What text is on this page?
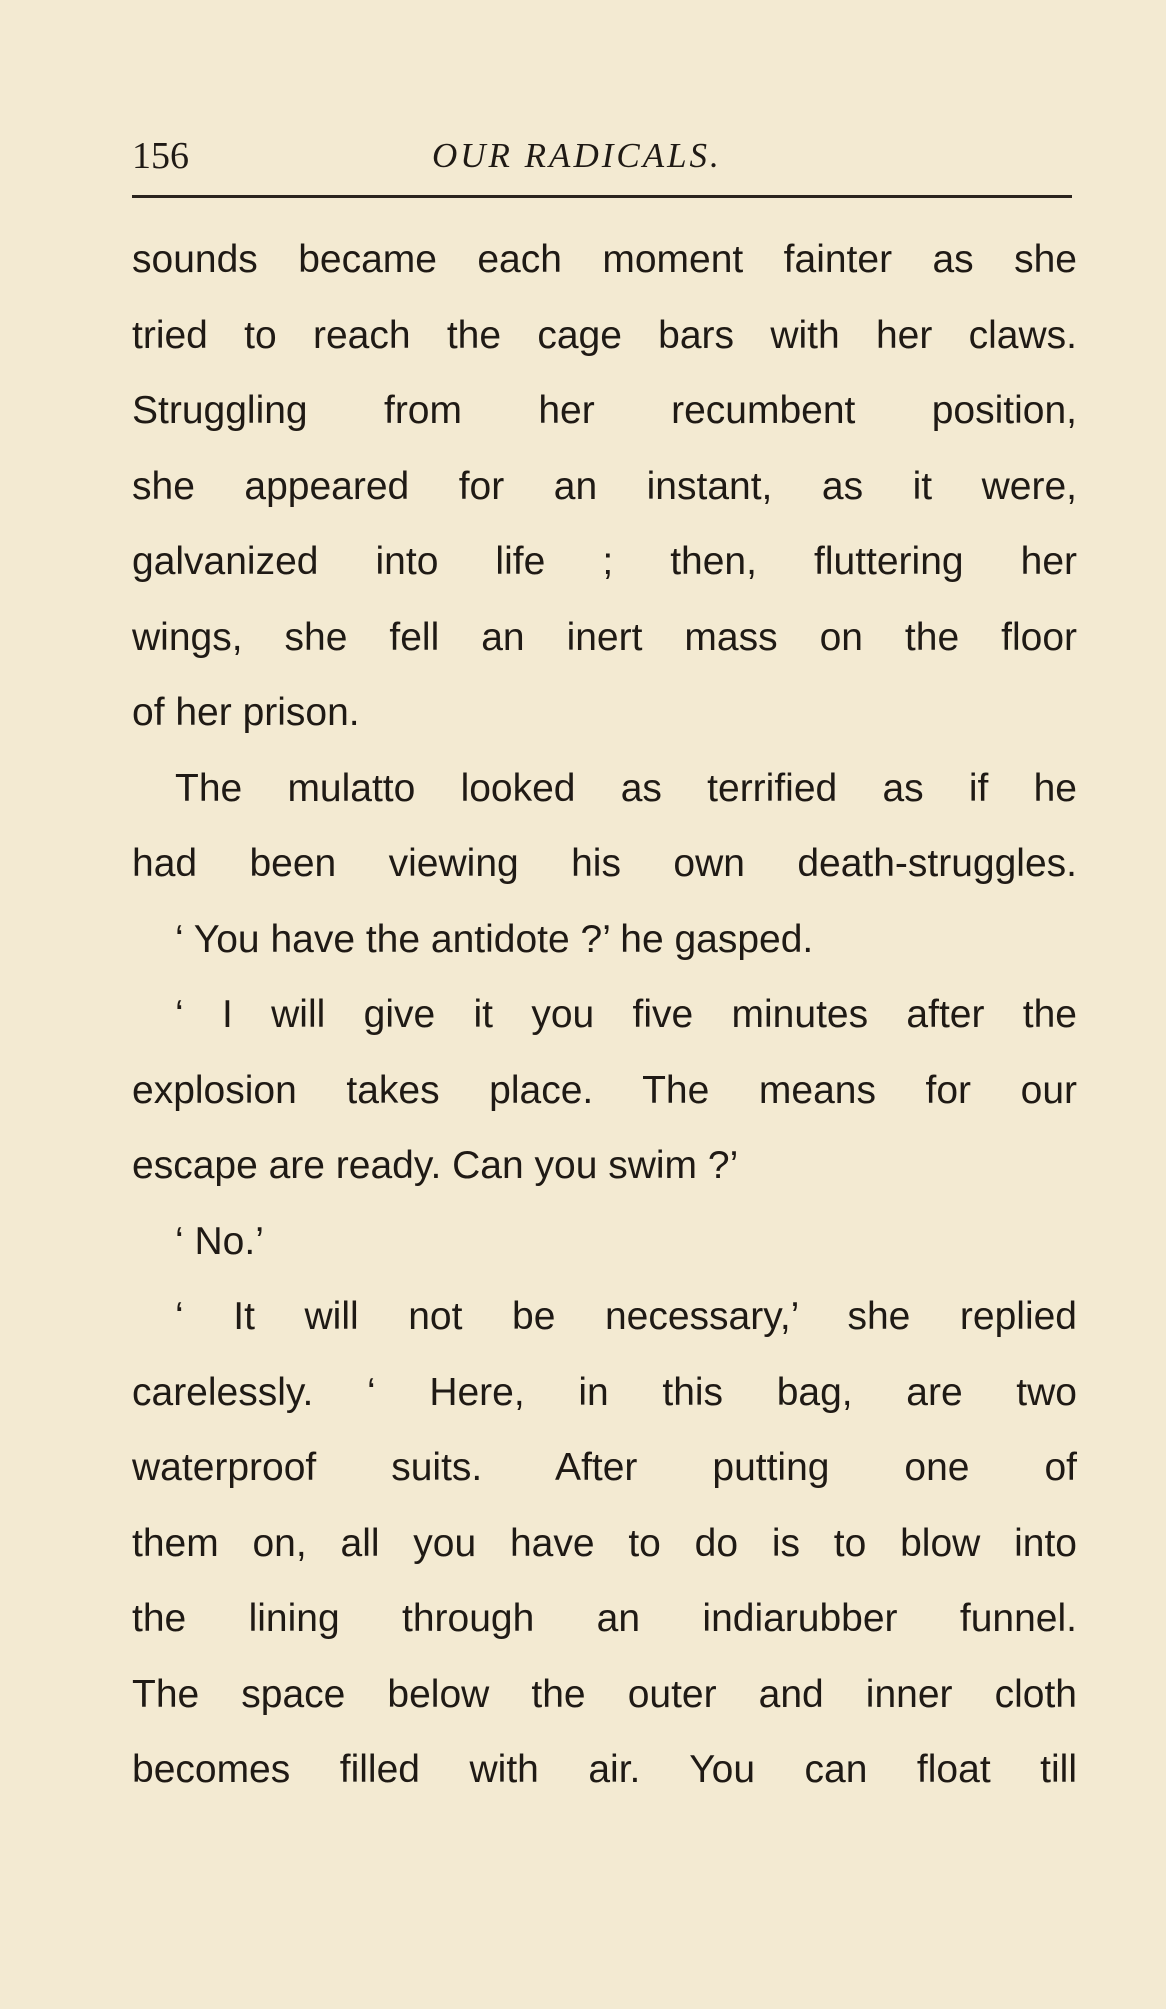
156	OUR RADICALS.
sounds became each moment fainter as she
tried to reach the cage bars with her claws.
Struggling from her recumbent position,
she appeared for an instant, as it were,
galvanized into life ; then, fluttering her
wings, she fell an inert mass on the floor
of her prison.
The mulatto looked as terrified as if he
had been viewing his own death-struggles.
‘ You have the antidote ?’ he gasped.
‘ I will give it you five minutes after the
explosion takes place. The means for our
escape are ready. Can you swim ?’
‘ No.’
‘ It will not be necessary,’ she replied
carelessly. ‘ Here, in this bag, are two
waterproof suits. After putting one of
them on, all you have to do is to blow into
the lining through an indiarubber funnel.
The space below the outer and inner cloth
becomes filled with air. You can float till
